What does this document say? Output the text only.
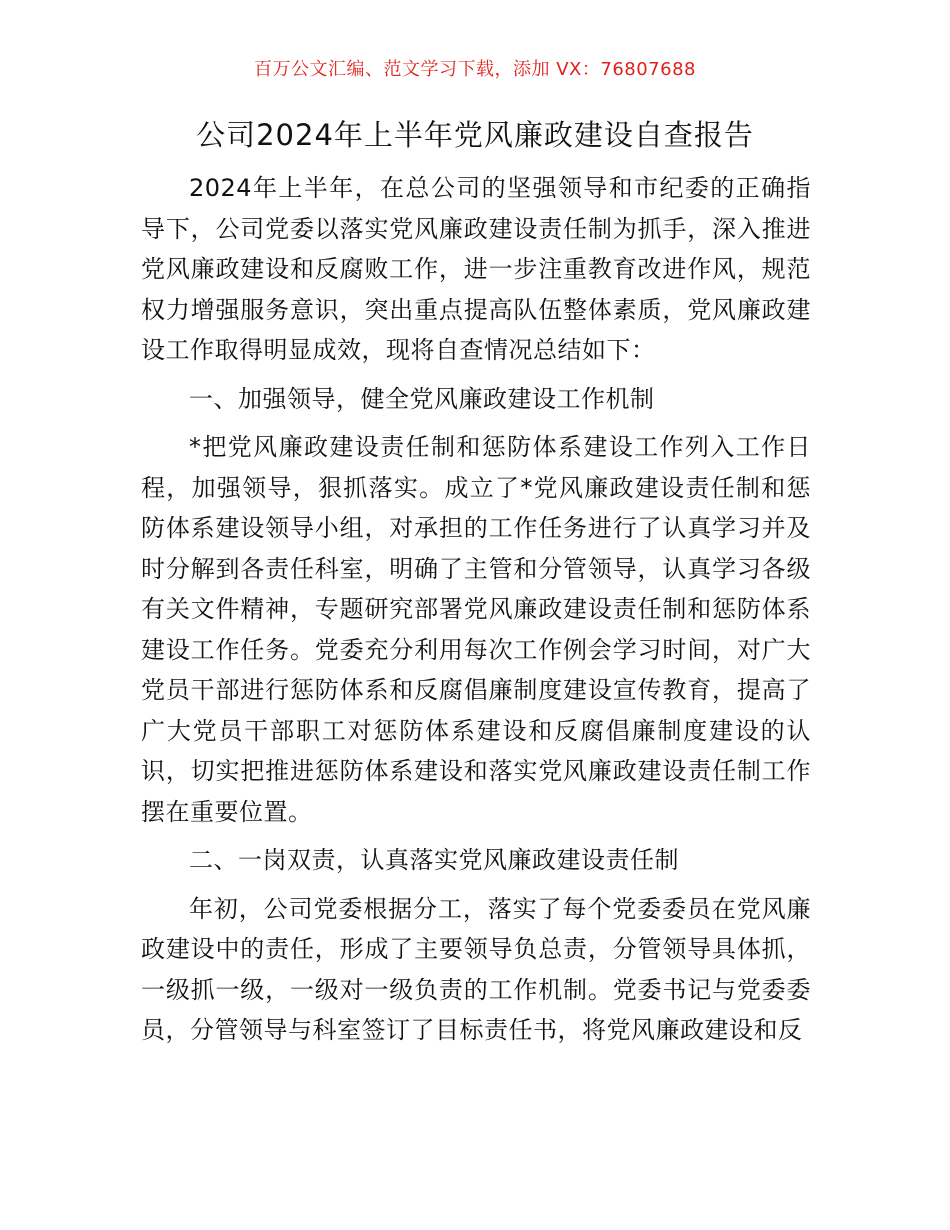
百万公文汇编、范文学习下载，添加 VX：76807688
公司2024年上半年党风廉政建设自查报告

2024年上半年，在总公司的坚强领导和市纪委的正确指导下，公司党委以落实党风廉政建设责任制为抓手，深入推进党风廉政建设和反腐败工作，进一步注重教育改进作风，规范权力增强服务意识，突出重点提高队伍整体素质，党风廉政建设工作取得明显成效，现将自查情况总结如下：

一、加强领导，健全党风廉政建设工作机制

*把党风廉政建设责任制和惩防体系建设工作列入工作日程，加强领导，狠抓落实。成立了*党风廉政建设责任制和惩防体系建设领导小组，对承担的工作任务进行了认真学习并及时分解到各责任科室，明确了主管和分管领导，认真学习各级有关文件精神，专题研究部署党风廉政建设责任制和惩防体系建设工作任务。党委充分利用每次工作例会学习时间，对广大党员干部进行惩防体系和反腐倡廉制度建设宣传教育，提高了广大党员干部职工对惩防体系建设和反腐倡廉制度建设的认识，切实把推进惩防体系建设和落实党风廉政建设责任制工作摆在重要位置。

二、一岗双责，认真落实党风廉政建设责任制

年初，公司党委根据分工，落实了每个党委委员在党风廉政建设中的责任，形成了主要领导负总责，分管领导具体抓，一级抓一级，一级对一级负责的工作机制。党委书记与党委委员，分管领导与科室签订了目标责任书，将党风廉政建设和反
